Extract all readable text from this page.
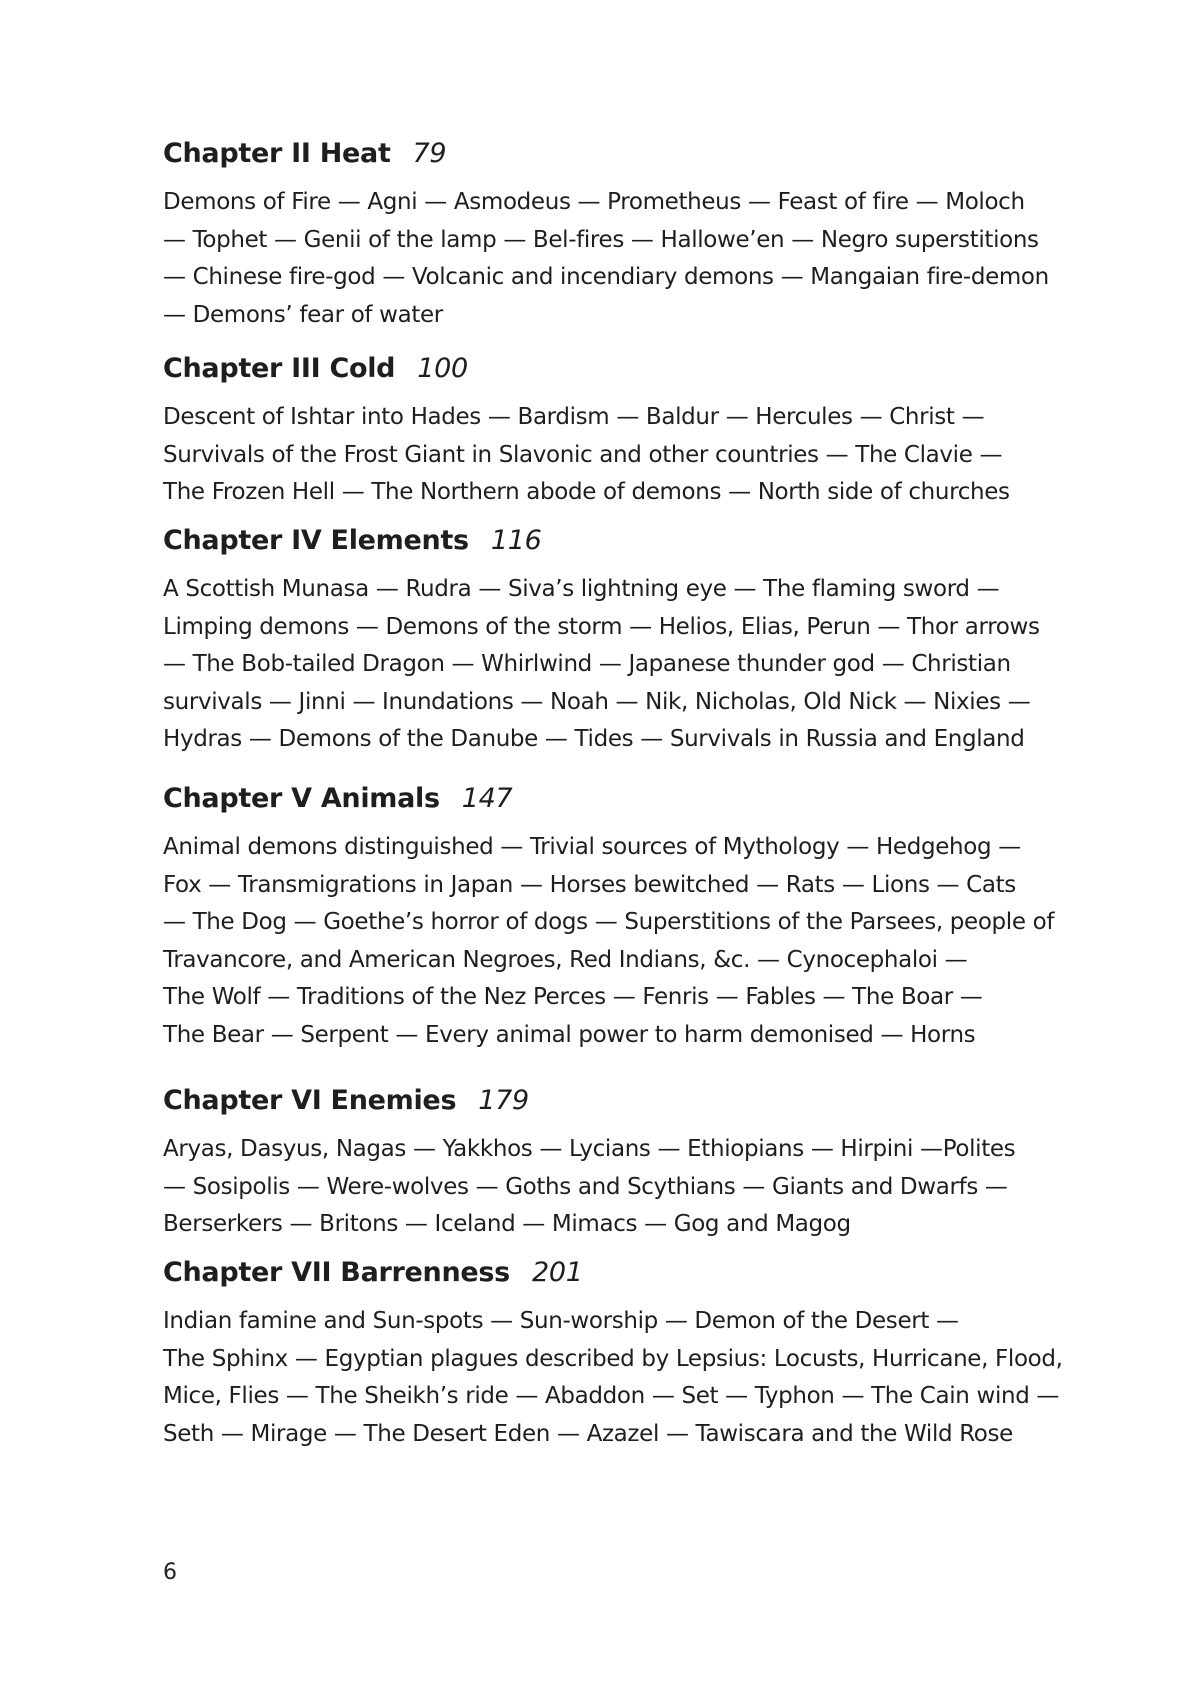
Chapter II Heat 79
Demons of Fire — Agni — Asmodeus — Prometheus — Feast of fire — Moloch
— Tophet — Genii of the lamp — Bel-fires — Hallowe’en — Negro superstitions
— Chinese fire-god — Volcanic and incendiary demons — Mangaian fire-demon
— Demons’ fear of water
Chapter III Cold 100
Descent of Ishtar into Hades — Bardism — Baldur — Hercules — Christ —
Survivals of the Frost Giant in Slavonic and other countries — The Clavie —
The Frozen Hell — The Northern abode of demons — North side of churches
Chapter IV Elements 116
A Scottish Munasa — Rudra — Siva’s lightning eye — The flaming sword —
Limping demons — Demons of the storm — Helios, Elias, Perun — Thor arrows
— The Bob-tailed Dragon — Whirlwind — Japanese thunder god — Christian
survivals — Jinni — Inundations — Noah — Nik, Nicholas, Old Nick — Nixies —
Hydras — Demons of the Danube — Tides — Survivals in Russia and England
Chapter V Animals 147
Animal demons distinguished — Trivial sources of Mythology — Hedgehog —
Fox — Transmigrations in Japan — Horses bewitched — Rats — Lions — Cats
— The Dog — Goethe’s horror of dogs — Superstitions of the Parsees, people of
Travancore, and American Negroes, Red Indians, &c. — Cynocephaloi —
The Wolf — Traditions of the Nez Perces — Fenris — Fables — The Boar —
The Bear — Serpent — Every animal power to harm demonised — Horns
Chapter VI Enemies 179
Aryas, Dasyus, Nagas — Yakkhos — Lycians — Ethiopians — Hirpini —Polites
— Sosipolis — Were-wolves — Goths and Scythians — Giants and Dwarfs —
Berserkers — Britons — Iceland — Mimacs — Gog and Magog
Chapter VII Barrenness 201
Indian famine and Sun-spots — Sun-worship — Demon of the Desert —
The Sphinx — Egyptian plagues described by Lepsius: Locusts, Hurricane, Flood,
Mice, Flies — The Sheikh’s ride — Abaddon — Set — Typhon — The Cain wind —
Seth — Mirage — The Desert Eden — Azazel — Tawiscara and the Wild Rose
6
